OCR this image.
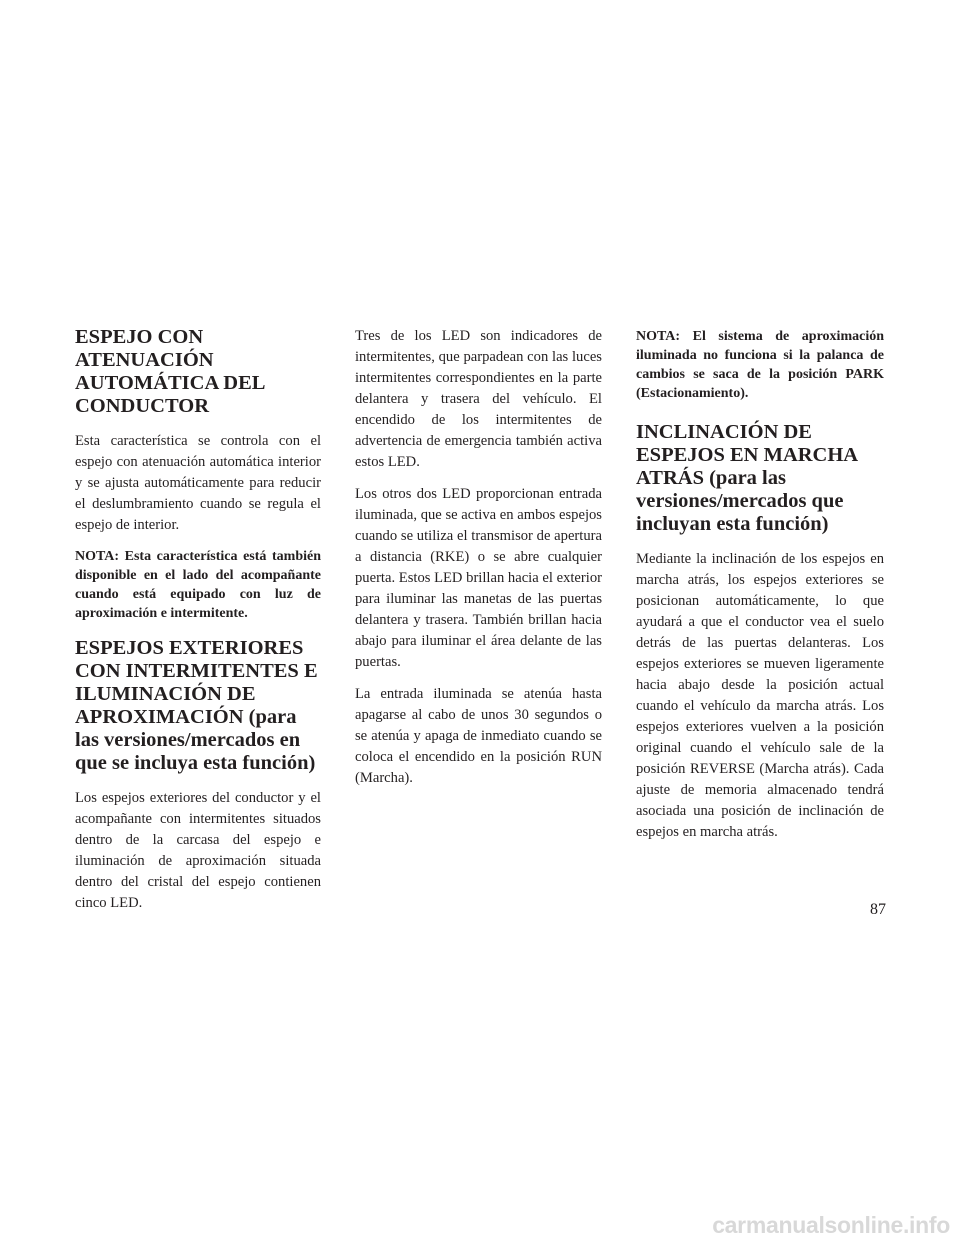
ESPEJO CON ATENUACIÓN AUTOMÁTICA DEL CONDUCTOR

Esta característica se controla con el espejo con atenuación automática interior y se ajusta automáticamente para reducir el deslumbramiento cuando se regula el espejo de interior.

NOTA: Esta característica está también disponible en el lado del acompañante cuando está equipado con luz de aproximación e intermitente.

ESPEJOS EXTERIORES CON INTERMITENTES E ILUMINACIÓN DE APROXIMACIÓN (para las versiones/mercados en que se incluya esta función)

Los espejos exteriores del conductor y el acompañante con intermitentes situados dentro de la carcasa del espejo e iluminación de aproximación situada dentro del cristal del espejo contienen cinco LED.

Tres de los LED son indicadores de intermitentes, que parpadean con las luces intermitentes correspondientes en la parte delantera y trasera del vehículo. El encendido de los intermitentes de advertencia de emergencia también activa estos LED.

Los otros dos LED proporcionan entrada iluminada, que se activa en ambos espejos cuando se utiliza el transmisor de apertura a distancia (RKE) o se abre cualquier puerta. Estos LED brillan hacia el exterior para iluminar las manetas de las puertas delantera y trasera. También brillan hacia abajo para iluminar el área delante de las puertas.

La entrada iluminada se atenúa hasta apagarse al cabo de unos 30 segundos o se atenúa y apaga de inmediato cuando se coloca el encendido en la posición RUN (Marcha).

NOTA: El sistema de aproximación iluminada no funciona si la palanca de cambios se saca de la posición PARK (Estacionamiento).

INCLINACIÓN DE ESPEJOS EN MARCHA ATRÁS (para las versiones/mercados que incluyan esta función)

Mediante la inclinación de los espejos en marcha atrás, los espejos exteriores se posicionan automáticamente, lo que ayudará a que el conductor vea el suelo detrás de las puertas delanteras. Los espejos exteriores se mueven ligeramente hacia abajo desde la posición actual cuando el vehículo da marcha atrás. Los espejos exteriores vuelven a la posición original cuando el vehículo sale de la posición REVERSE (Marcha atrás). Cada ajuste de memoria almacenado tendrá asociada una posición de inclinación de espejos en marcha atrás.

87
carmanualsonline.info
